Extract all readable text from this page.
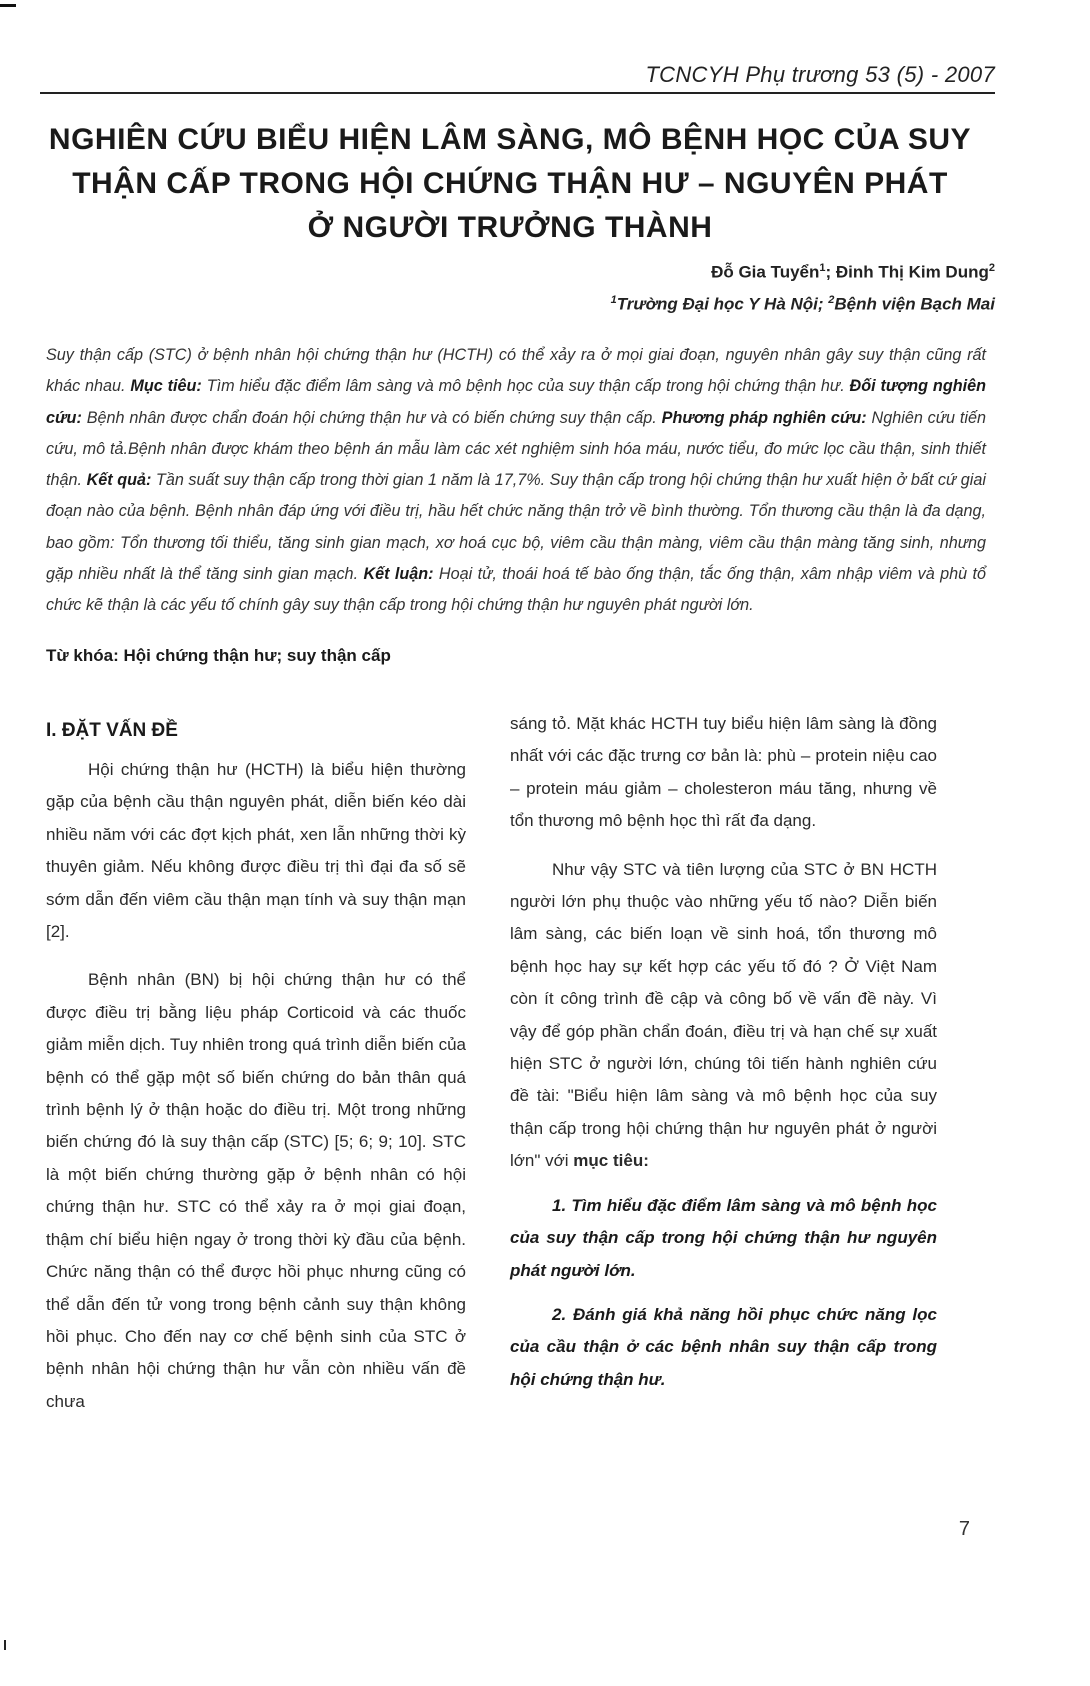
TCNCYH Phụ trương 53 (5) - 2007
NGHIÊN CỨU BIỂU HIỆN LÂM SÀNG, MÔ BỆNH HỌC CỦA SUY
THẬN CẤP TRONG HỘI CHỨNG THẬN HƯ – NGUYÊN PHÁT
Ở NGƯỜI TRƯỞNG THÀNH
Đỗ Gia Tuyển$^1$; Đinh Thị Kim Dung$^2$
$^1$Trường Đại học Y Hà Nội; $^2$Bệnh viện Bạch Mai
Suy thận cấp (STC) ở bệnh nhân hội chứng thận hư (HCTH) có thể xảy ra ở mọi giai đoạn, nguyên nhân gây suy thận cũng rất khác nhau. Mục tiêu: Tìm hiểu đặc điểm lâm sàng và mô bệnh học của suy thận cấp trong hội chứng thận hư. Đối tượng nghiên cứu: Bệnh nhân được chẩn đoán hội chứng thận hư và có biến chứng suy thận cấp. Phương pháp nghiên cứu: Nghiên cứu tiến cứu, mô tả.Bệnh nhân được khám theo bệnh án mẫu làm các xét nghiệm sinh hóa máu, nước tiểu, đo mức lọc cầu thận, sinh thiết thận. Kết quả: Tần suất suy thận cấp trong thời gian 1 năm là 17,7%. Suy thận cấp trong hội chứng thận hư xuất hiện ở bất cứ giai đoạn nào của bệnh. Bệnh nhân đáp ứng với điều trị, hầu hết chức năng thận trở về bình thường. Tổn thương cầu thận là đa dạng, bao gồm: Tổn thương tối thiểu, tăng sinh gian mạch, xơ hoá cục bộ, viêm cầu thận màng, viêm cầu thận màng tăng sinh, nhưng gặp nhiều nhất là thể tăng sinh gian mạch. Kết luận: Hoại tử, thoái hoá tế bào ống thận, tắc ống thận, xâm nhập viêm và phù tổ chức kẽ thận là các yếu tố chính gây suy thận cấp trong hội chứng thận hư nguyên phát người lớn.
Từ khóa: Hội chứng thận hư; suy thận cấp
I. ĐẶT VẤN ĐỀ

Hội chứng thận hư (HCTH) là biểu hiện thường gặp của bệnh cầu thận nguyên phát, diễn biến kéo dài nhiều năm với các đợt kịch phát, xen lẫn những thời kỳ thuyên giảm. Nếu không được điều trị thì đại đa số sẽ sớm dẫn đến viêm cầu thận mạn tính và suy thận mạn [2].

Bệnh nhân (BN) bị hội chứng thận hư có thể được điều trị bằng liệu pháp Corticoid và các thuốc giảm miễn dịch. Tuy nhiên trong quá trình diễn biến của bệnh có thể gặp một số biến chứng do bản thân quá trình bệnh lý ở thận hoặc do điều trị. Một trong những biến chứng đó là suy thận cấp (STC) [5; 6; 9; 10]. STC là một biến chứng thường gặp ở bệnh nhân có hội chứng thận hư. STC có thể xảy ra ở mọi giai đoạn, thậm chí biểu hiện ngay ở trong thời kỳ đầu của bệnh. Chức năng thận có thể được hồi phục nhưng cũng có thể dẫn đến tử vong trong bệnh cảnh suy thận không hồi phục. Cho đến nay cơ chế bệnh sinh của STC ở bệnh nhân hội chứng thận hư vẫn còn nhiều vấn đề chưa

sáng tỏ. Mặt khác HCTH tuy biểu hiện lâm sàng là đồng nhất với các đặc trưng cơ bản là: phù – protein niệu cao – protein máu giảm – cholesteron máu tăng, nhưng về tổn thương mô bệnh học thì rất đa dạng.

Như vậy STC và tiên lượng của STC ở BN HCTH người lớn phụ thuộc vào những yếu tố nào? Diễn biến lâm sàng, các biến loạn về sinh hoá, tổn thương mô bệnh học hay sự kết hợp các yếu tố đó ? Ở Việt Nam còn ít công trình đề cập và công bố về vấn đề này. Vì vậy để góp phần chẩn đoán, điều trị và hạn chế sự xuất hiện STC ở người lớn, chúng tôi tiến hành nghiên cứu đề tài: "Biểu hiện lâm sàng và mô bệnh học của suy thận cấp trong hội chứng thận hư nguyên phát ở người lớn" với mục tiêu:

1. Tìm hiểu đặc điểm lâm sàng và mô bệnh học của suy thận cấp trong hội chứng thận hư nguyên phát người lớn.

2. Đánh giá khả năng hồi phục chức năng lọc của cầu thận ở các bệnh nhân suy thận cấp trong hội chứng thận hư.

7
